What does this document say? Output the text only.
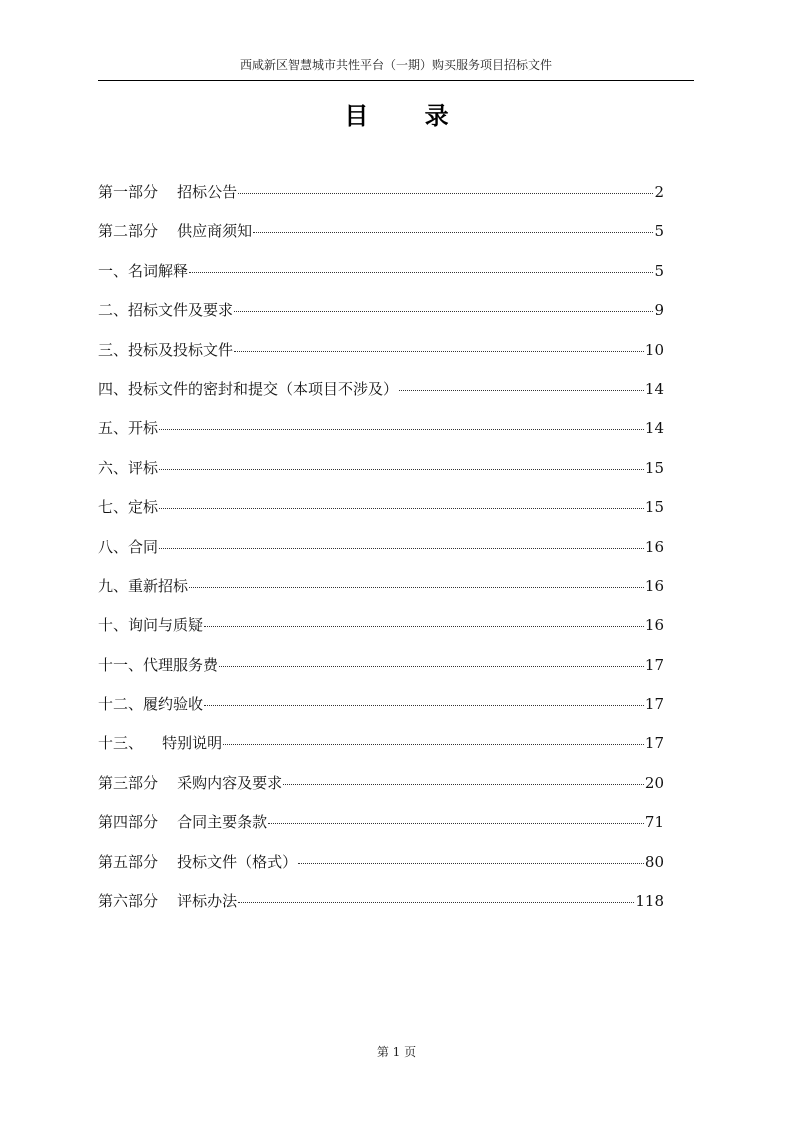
西咸新区智慧城市共性平台（一期）购买服务项目招标文件
目 录
第一部分    招标公告	2
第二部分    供应商须知	5
一、名词解释	5
二、招标文件及要求	9
三、投标及投标文件	10
四、投标文件的密封和提交（本项目不涉及）	14
五、开标	14
六、评标	15
七、定标	15
八、合同	16
九、重新招标	16
十、询问与质疑	16
十一、代理服务费	17
十二、履约验收	17
十三、    特别说明	17
第三部分    采购内容及要求	20
第四部分    合同主要条款	71
第五部分    投标文件（格式）	80
第六部分    评标办法	118
第 1 页
